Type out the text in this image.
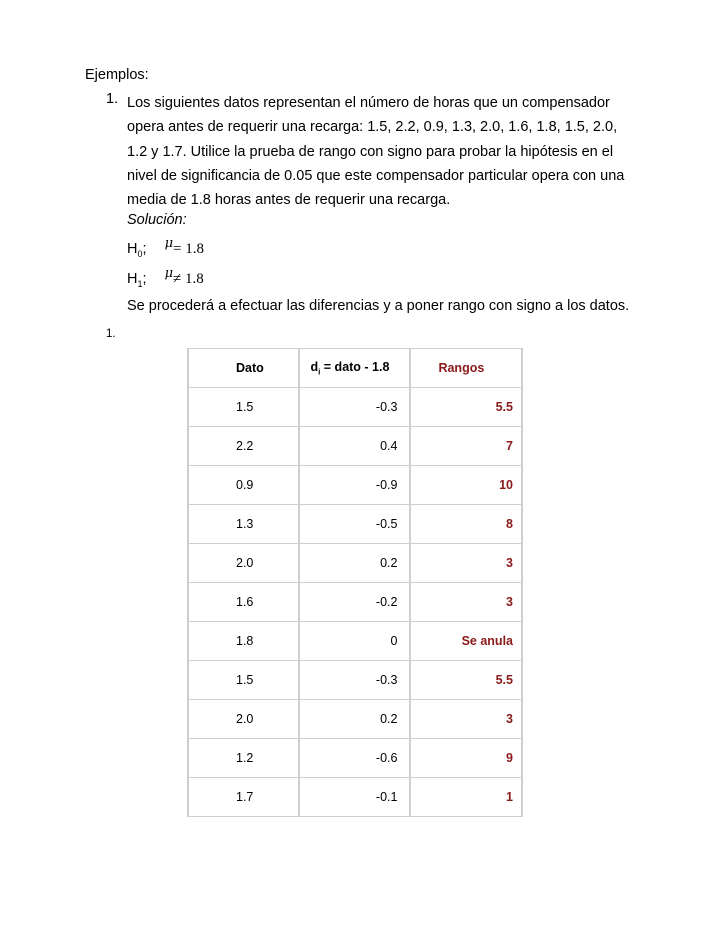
Ejemplos:
1. Los siguientes datos representan el número de horas que un compensador
opera antes de requerir una recarga: 1.5, 2.2, 0.9, 1.3, 2.0, 1.6, 1.8, 1.5, 2.0,
1.2 y 1.7. Utilice la prueba de rango con signo para probar la hipótesis en el
nivel de significancia de 0.05 que este compensador particular opera con una
media de 1.8 horas antes de requerir una recarga.
Solución:
$H_0$; μ= 1.8
$H_1$; μ≠ 1.8
Se procederá a efectuar las diferencias y a poner rango con signo a los datos.
1.
Dato	$d_i$ = dato - 1.8	Rangos
1.5	-0.3	5.5
2.2	0.4	7
0.9	-0.9	10
1.3	-0.5	8
2.0	0.2	3
1.6	-0.2	3
1.8	0	Se anula
1.5	-0.3	5.5
2.0	0.2	3
1.2	-0.6	9
1.7	-0.1	1
